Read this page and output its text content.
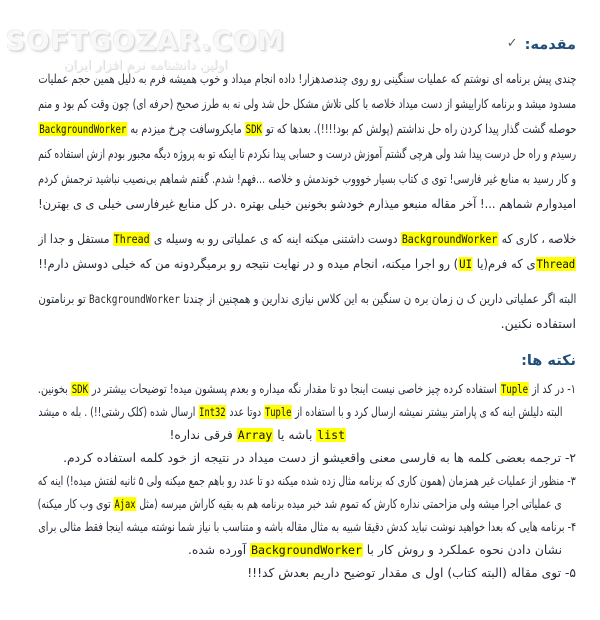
SOFTGOZAR.COM
اولین دانشنامه نرم افزار ایران
مقدمه:
✓
چندی پیش برنامه ای نوشتم که عملیات سنگینی رو روی چندصدهزار! داده انجام میداد و خوب همیشه فرم به دلیل همین حجم عملیات
مسدود میشد و برنامه کاراییشو از دست میداد خلاصه با کلی تلاش مشکل حل شد ولی نه به طرز صحیح (حرفه ای) چون وقت کم بود و منم
حوصله گشت گذار پیدا کردن راه حل نداشتم (پولش کم بود!!!!). بعدها که تو SDK مایکروسافت چرخ میزدم به BackgroundWorker
رسیدم و راه حل درست پیدا شد ولی هرچی گشتم آموزش درست و حسابی پیدا نکردم تا اینکه تو به پروژه دیگه مجبور بودم ازش استفاده کنم
و کار رسید به منابع غیر فارسی! توی ی کتاب بسیار خوووب خوندمش و خلاصه ...فهم! شدم. گفتم شماهم بی‌نصیب نباشید ترجمش کردم
امیدوارم شماهم ...! آخر مقاله منبعو میذارم خودشو بخونین خیلی بهتره .در کل منابع غیرفارسی خیلی ی ی بهترن!
خلاصه ، کاری که BackgroundWorker دوست داشتنی میکنه اینه که ی عملیاتی رو به وسیله ی Thread مستقل و جدا از
Threadی که فرم(یا UI) رو اجرا میکنه، انجام میده و در نهایت نتیجه رو برمیگردونه من که خیلی دوسش دارم!!
البته اگر عملیاتی دارین ک ن زمان بره ن سنگین به این کلاس نیازی ندارین و همچنین از چندتا BackgroundWorker تو برنامتون
استفاده نکنین.
نکته ها:
۱- در کد از Tuple استفاده کرده چیز خاصی نیست اینجا دو تا مقدار نگه میداره و بعدم پسشون میده! توضیحات بیشتر در SDK بخونین.
البته دلیلش اینه که ی پارامتر بیشتر نمیشه ارسال کرد و با استفاده از Tuple دوتا عدد Int32 ارسال شده (کلک رشتی!!) . بله ه میشد
list باشه یا Array فرقی نداره!
۲- ترجمه بعضی کلمه ها به فارسی معنی واقعیشو از دست میداد در نتیجه از خود کلمه استفاده کردم.
۳- منظور از عملیات غیر همزمان (همون کاری که برنامه مثال زده شده میکنه دو تا عدد رو باهم جمع میکنه ولی ۵ ثانیه لفتش میده!) اینه که
ی عملیاتی اجرا میشه ولی مزاحمتی نداره کارش که تموم شد خبر میده برنامه هم به بقیه کاراش میرسه (مثل Ajax توی وب کار میکنه)
۴- برنامه هایی که بعدا خواهید نوشت نباید کدش دقیقا شبیه به مثال مقاله باشه و متناسب با نیاز شما نوشته میشه اینجا فقط مثالی برای
نشان دادن نحوه عملکرد و روش کار با BackgroundWorker آورده شده.
۵- توی مقاله (البته کتاب) اول ی مقدار توضیح داریم بعدش کد!!!
